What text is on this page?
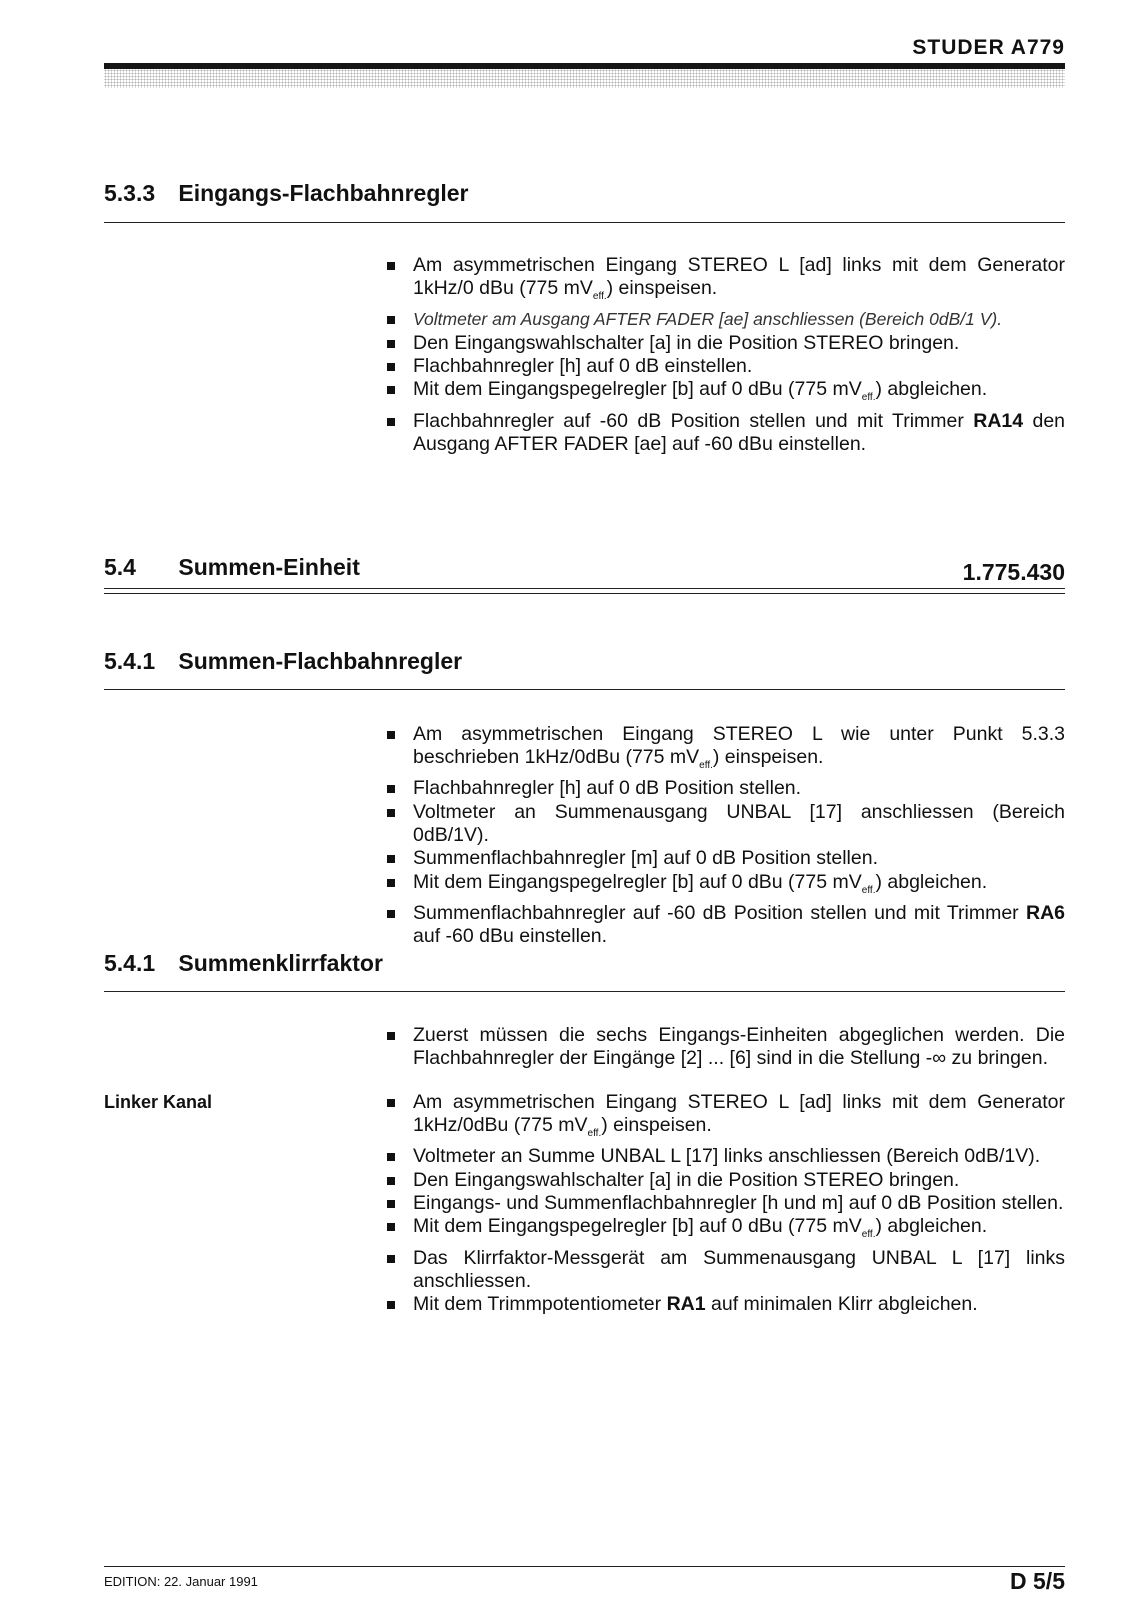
STUDER A779
5.3.3 Eingangs-Flachbahnregler
Am asymmetrischen Eingang STEREO L [ad] links mit dem Generator 1kHz/0 dBu (775 $mV_{eff.}$) einspeisen.
Voltmeter am Ausgang AFTER FADER [ae] anschliessen (Bereich 0dB/1 V).
Den Eingangswahlschalter [a] in die Position STEREO bringen.
Flachbahnregler [h] auf 0 dB einstellen.
Mit dem Eingangspegelregler [b] auf 0 dBu (775 $mV_{eff.}$) abgleichen.
Flachbahnregler auf -60 dB Position stellen und mit Trimmer RA14 den Ausgang AFTER FADER [ae] auf -60 dBu einstellen.
5.4 Summen-Einheit	1.775.430
5.4.1 Summen-Flachbahnregler
Am asymmetrischen Eingang STEREO L wie unter Punkt 5.3.3 beschrieben 1kHz/0dBu (775 $mV_{eff.}$) einspeisen.
Flachbahnregler [h] auf 0 dB Position stellen.
Voltmeter an Summenausgang UNBAL [17] anschliessen (Bereich 0dB/1V).
Summenflachbahnregler [m] auf 0 dB Position stellen.
Mit dem Eingangspegelregler [b] auf 0 dBu (775 $mV_{eff.}$) abgleichen.
Summenflachbahnregler auf -60 dB Position stellen und mit Trimmer RA6 auf -60 dBu einstellen.
5.4.1 Summenklirrfaktor
Zuerst müssen die sechs Eingangs-Einheiten abgeglichen werden. Die Flachbahnregler der Eingänge [2] ... [6] sind in die Stellung -∞ zu bringen.
Linker Kanal	Am asymmetrischen Eingang STEREO L [ad] links mit dem Generator 1kHz/0dBu (775 $mV_{eff.}$) einspeisen.
Voltmeter an Summe UNBAL L [17] links anschliessen (Bereich 0dB/1V).
Den Eingangswahlschalter [a] in die Position STEREO bringen.
Eingangs- und Summenflachbahnregler [h und m] auf 0 dB Position stellen.
Mit dem Eingangspegelregler [b] auf 0 dBu (775 $mV_{eff.}$) abgleichen.
Das Klirrfaktor-Messgerät am Summenausgang UNBAL L [17] links anschliessen.
Mit dem Trimmpotentiometer RA1 auf minimalen Klirr abgleichen.
EDITION: 22. Januar 1991	D 5/5
